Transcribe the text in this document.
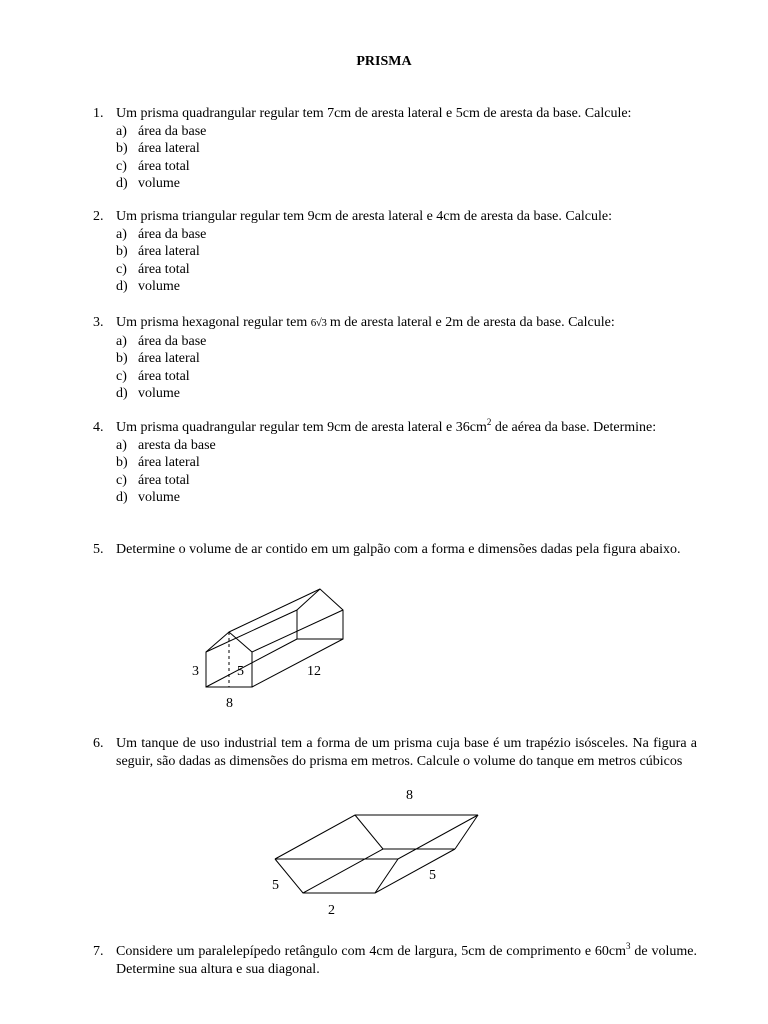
PRISMA
1. Um prisma quadrangular regular tem 7cm de aresta lateral e 5cm de aresta da base. Calcule:
a) área da base
b) área lateral
c) área total
d) volume
2. Um prisma triangular regular tem 9cm de aresta lateral e 4cm de aresta da base. Calcule:
a) área da base
b) área lateral
c) área total
d) volume
3. Um prisma hexagonal regular tem 6√3 m de aresta lateral e 2m de aresta da base. Calcule:
a) área da base
b) área lateral
c) área total
d) volume
4. Um prisma quadrangular regular tem 9cm de aresta lateral e $36cm^2$ de aérea da base. Determine:
a) aresta da base
b) área lateral
c) área total
d) volume
5. Determine o volume de ar contido em um galpão com a forma e dimensões dadas pela figura abaixo.
3	5	12
8
6. Um tanque de uso industrial tem a forma de um prisma cuja base é um trapézio isósceles. Na figura a seguir, são dadas as dimensões do prisma em metros. Calcule o volume do tanque em metros cúbicos
8
5
5
2
7. Considere um paralelepípedo retângulo com 4cm de largura, 5cm de comprimento e $60cm^3$ de volume. Determine sua altura e sua diagonal.
